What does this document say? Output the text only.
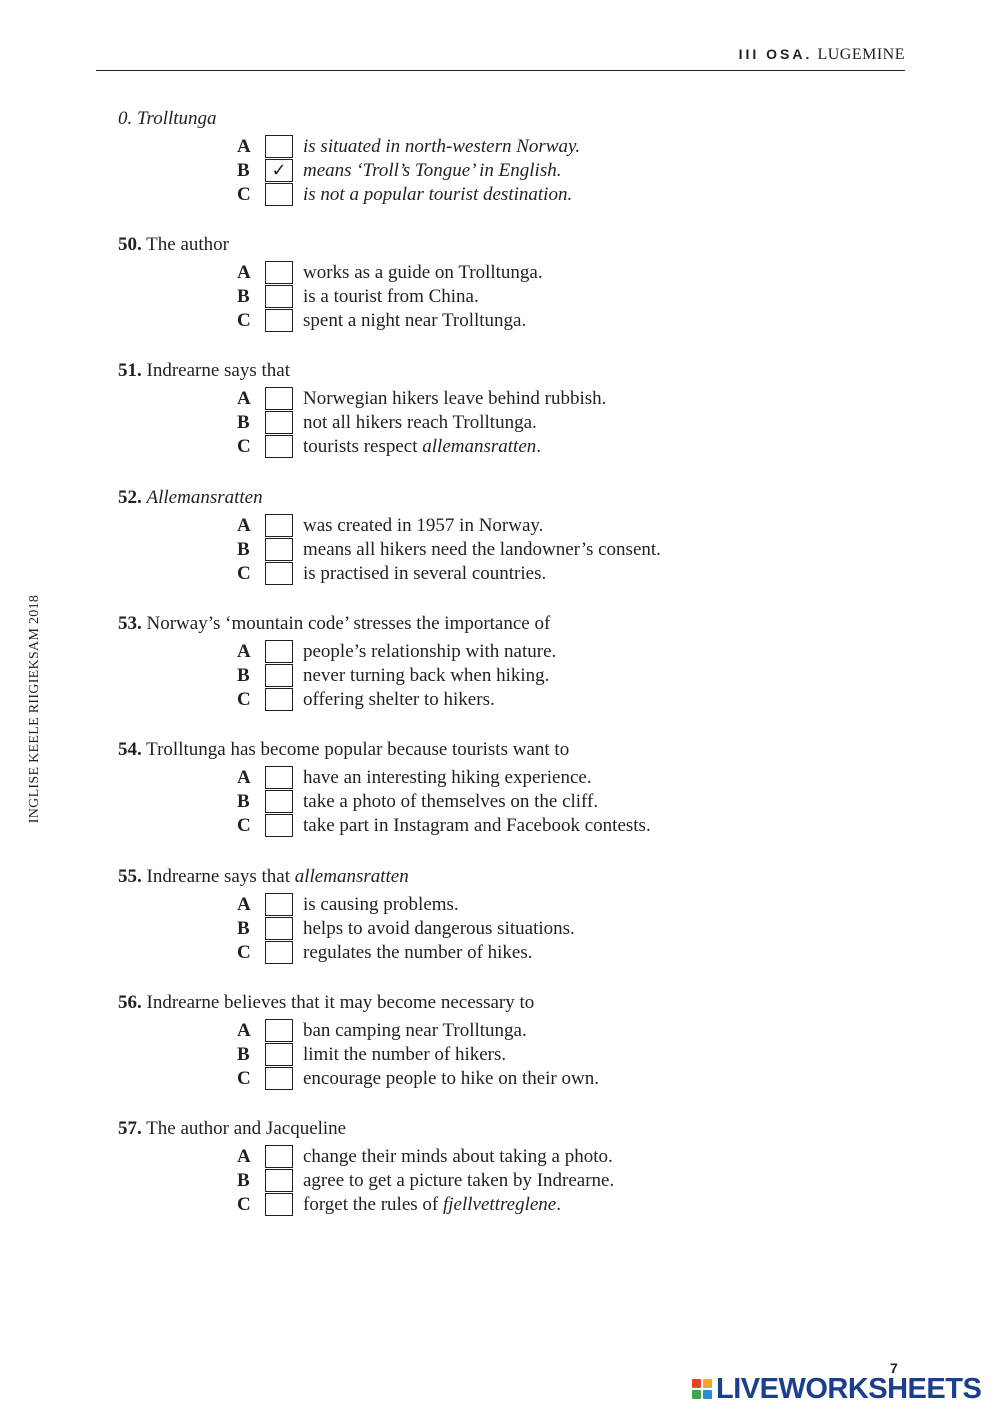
III OSA. LUGEMINE
INGLISE KEELE RIIGIEKSAM 2018
0. Trolltunga
A	is situated in north-western Norway.
B	✓ means ‘Troll’s Tongue’ in English.
C	is not a popular tourist destination.
50. The author
A	works as a guide on Trolltunga.
B	is a tourist from China.
C	spent a night near Trolltunga.
51. Indrearne says that
A	Norwegian hikers leave behind rubbish.
B	not all hikers reach Trolltunga.
C	tourists respect allemansratten.
52. Allemansratten
A	was created in 1957 in Norway.
B	means all hikers need the landowner’s consent.
C	is practised in several countries.
53. Norway’s ‘mountain code’ stresses the importance of
A	people’s relationship with nature.
B	never turning back when hiking.
C	offering shelter to hikers.
54. Trolltunga has become popular because tourists want to
A	have an interesting hiking experience.
B	take a photo of themselves on the cliff.
C	take part in Instagram and Facebook contests.
55. Indrearne says that allemansratten
A	is causing problems.
B	helps to avoid dangerous situations.
C	regulates the number of hikes.
56. Indrearne believes that it may become necessary to
A	ban camping near Trolltunga.
B	limit the number of hikers.
C	encourage people to hike on their own.
57. The author and Jacqueline
A	change their minds about taking a photo.
B	agree to get a picture taken by Indrearne.
C	forget the rules of fjellvettreglene.
7
LIVEWORKSHEETS
